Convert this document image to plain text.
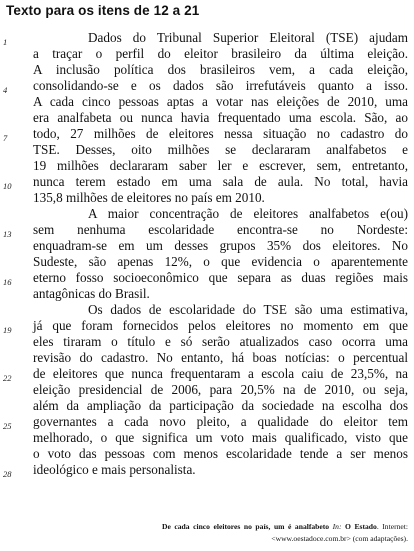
Texto para os itens de 12 a 21
1
4
7
10
13
16
19
22
25
28
Dados do Tribunal Superior Eleitoral (TSE) ajudam
a traçar o perfil do eleitor brasileiro da última eleição.
A inclusão política dos brasileiros vem, a cada eleição,
consolidando-se e os dados são irrefutáveis quanto a isso.
A cada cinco pessoas aptas a votar nas eleições de 2010, uma
era analfabeta ou nunca havia frequentado uma escola. São, ao
todo, 27 milhões de eleitores nessa situação no cadastro do
TSE. Desses, oito milhões se declararam analfabetos e
19 milhões declararam saber ler e escrever, sem, entretanto,
nunca terem estado em uma sala de aula. No total, havia
135,8 milhões de eleitores no país em 2010.
A maior concentração de eleitores analfabetos e(ou)
sem nenhuma escolaridade encontra-se no Nordeste:
enquadram-se em um desses grupos 35% dos eleitores. No
Sudeste, são apenas 12%, o que evidencia o aparentemente
eterno fosso socioeconômico que separa as duas regiões mais
antagônicas do Brasil.
Os dados de escolaridade do TSE são uma estimativa,
já que foram fornecidos pelos eleitores no momento em que
eles tiraram o título e só serão atualizados caso ocorra uma
revisão do cadastro. No entanto, há boas notícias: o percentual
de eleitores que nunca frequentaram a escola caiu de 23,5%, na
eleição presidencial de 2006, para 20,5% na de 2010, ou seja,
além da ampliação da participação da sociedade na escolha dos
governantes a cada novo pleito, a qualidade do eleitor tem
melhorado, o que significa um voto mais qualificado, visto que
o voto das pessoas com menos escolaridade tende a ser menos
ideológico e mais personalista.
De cada cinco eleitores no país, um é analfabeto In: O Estado. Internet: <www.oestadoce.com.br> (com adaptações).
